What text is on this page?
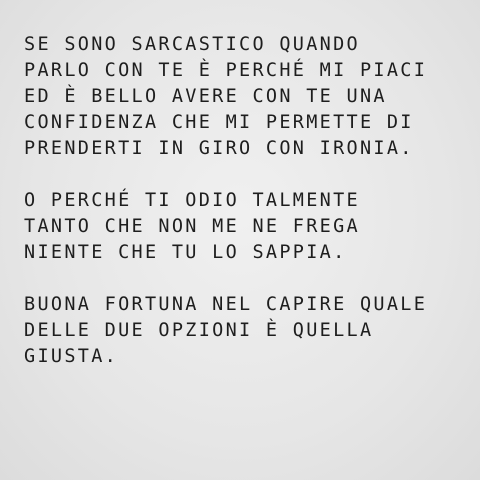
SE SONO SARCASTICO QUANDO
PARLO CON TE È PERCHÉ MI PIACI
ED È BELLO AVERE CON TE UNA
CONFIDENZA CHE MI PERMETTE DI
PRENDERTI IN GIRO CON IRONIA.

O PERCHÉ TI ODIO TALMENTE
TANTO CHE NON ME NE FREGA
NIENTE CHE TU LO SAPPIA.

BUONA FORTUNA NEL CAPIRE QUALE
DELLE DUE OPZIONI È QUELLA
GIUSTA.
